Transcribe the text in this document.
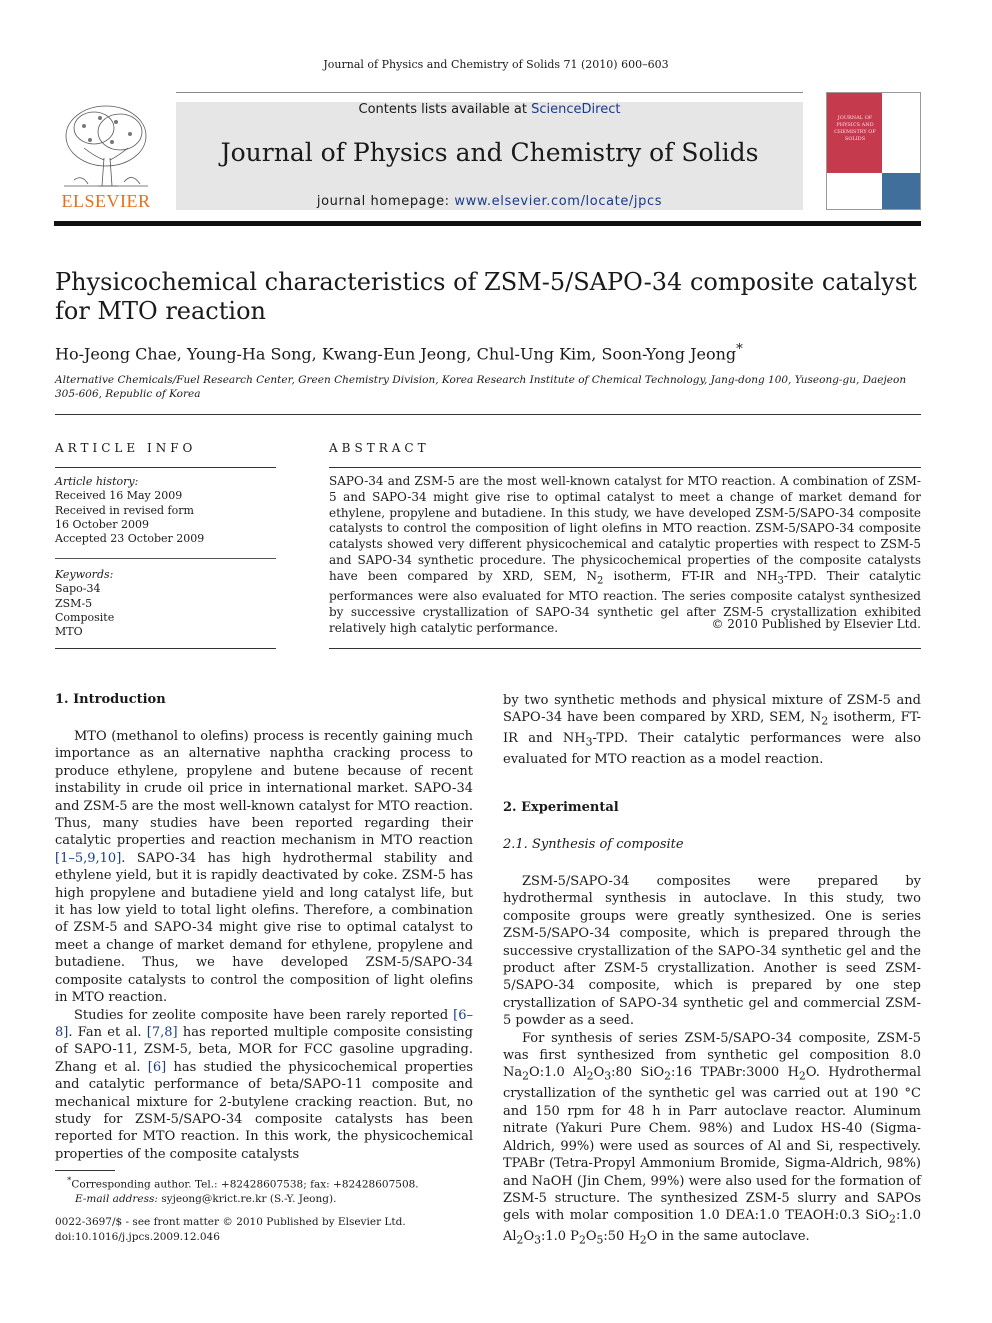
Journal of Physics and Chemistry of Solids 71 (2010) 600–603
ELSEVIER
Contents lists available at ScienceDirect
Journal of Physics and Chemistry of Solids
journal homepage: www.elsevier.com/locate/jpcs
JOURNAL OF PHYSICS AND CHEMISTRY OF SOLIDS
Physicochemical characteristics of ZSM-5/SAPO-34 composite catalyst for MTO reaction
Ho-Jeong Chae, Young-Ha Song, Kwang-Eun Jeong, Chul-Ung Kim, Soon-Yong Jeong*
Alternative Chemicals/Fuel Research Center, Green Chemistry Division, Korea Research Institute of Chemical Technology, Jang-dong 100, Yuseong-gu, Daejeon 305-606, Republic of Korea
ARTICLE INFO	ABSTRACT
Article history:
Received 16 May 2009
Received in revised form
16 October 2009
Accepted 23 October 2009
Keywords:
Sapo-34
ZSM-5
Composite
MTO
SAPO-34 and ZSM-5 are the most well-known catalyst for MTO reaction. A combination of ZSM-5 and SAPO-34 might give rise to optimal catalyst to meet a change of market demand for ethylene, propylene and butadiene. In this study, we have developed ZSM-5/SAPO-34 composite catalysts to control the composition of light olefins in MTO reaction. ZSM-5/SAPO-34 composite catalysts showed very different physicochemical and catalytic properties with respect to ZSM-5 and SAPO-34 synthetic procedure. The physicochemical properties of the composite catalysts have been compared by XRD, SEM, $N_2$ isotherm, FT-IR and $NH_3$-TPD. Their catalytic performances were also evaluated for MTO reaction. The series composite catalyst synthesized by successive crystallization of SAPO-34 synthetic gel after ZSM-5 crystallization exhibited relatively high catalytic performance.	© 2010 Published by Elsevier Ltd.
1. Introduction

MTO (methanol to olefins) process is recently gaining much importance as an alternative naphtha cracking process to produce ethylene, propylene and butene because of recent instability in crude oil price in international market. SAPO-34 and ZSM-5 are the most well-known catalyst for MTO reaction. Thus, many studies have been reported regarding their catalytic properties and reaction mechanism in MTO reaction [1–5,9,10]. SAPO-34 has high hydrothermal stability and ethylene yield, but it is rapidly deactivated by coke. ZSM-5 has high propylene and butadiene yield and long catalyst life, but it has low yield to total light olefins. Therefore, a combination of ZSM-5 and SAPO-34 might give rise to optimal catalyst to meet a change of market demand for ethylene, propylene and butadiene. Thus, we have developed ZSM-5/SAPO-34 composite catalysts to control the composition of light olefins in MTO reaction.

Studies for zeolite composite have been rarely reported [6–8]. Fan et al. [7,8] has reported multiple composite consisting of SAPO-11, ZSM-5, beta, MOR for FCC gasoline upgrading. Zhang et al. [6] has studied the physicochemical properties and catalytic performance of beta/SAPO-11 composite and mechanical mixture for 2-butylene cracking reaction. But, no study for ZSM-5/SAPO-34 composite catalysts has been reported for MTO reaction. In this work, the physicochemical properties of the composite catalysts

by two synthetic methods and physical mixture of ZSM-5 and SAPO-34 have been compared by XRD, SEM, $N_2$ isotherm, FT-IR and $NH_3$-TPD. Their catalytic performances were also evaluated for MTO reaction as a model reaction.
2. Experimental
2.1. Synthesis of composite

ZSM-5/SAPO-34 composites were prepared by hydrothermal synthesis in autoclave. In this study, two composite groups were greatly synthesized. One is series ZSM-5/SAPO-34 composite, which is prepared through the successive crystallization of the SAPO-34 synthetic gel and the product after ZSM-5 crystallization. Another is seed ZSM-5/SAPO-34 composite, which is prepared by one step crystallization of SAPO-34 synthetic gel and commercial ZSM-5 powder as a seed.

For synthesis of series ZSM-5/SAPO-34 composite, ZSM-5 was first synthesized from synthetic gel composition 8.0 $Na_2O:1.0$ $Al_2O_3:80$ SiO$_2$:16 TPABr:3000 $H_2O$. Hydrothermal crystallization of the synthetic gel was carried out at 190 °C and 150 rpm for 48 h in Parr autoclave reactor. Aluminum nitrate (Yakuri Pure Chem. 98%) and Ludox HS-40 (Sigma-Aldrich, 99%) were used as sources of Al and Si, respectively. TPABr (Tetra-Propyl Ammonium Bromide, Sigma-Aldrich, 98%) and NaOH (Jin Chem, 99%) were also used for the formation of ZSM-5 structure. The synthesized ZSM-5 slurry and SAPOs gels with molar composition 1.0 DEA:1.0 TEAOH:0.3 SiO$_2$:1.0 $Al_2O_3:1.0$ $P_2O_5:50$ $H_2O$ in the same autoclave.

*Corresponding author. Tel.: +82428607538; fax: +82428607508.
E-mail address: syjeong@krict.re.kr (S.-Y. Jeong).
0022-3697/$ - see front matter © 2010 Published by Elsevier Ltd.
doi:10.1016/j.jpcs.2009.12.046
